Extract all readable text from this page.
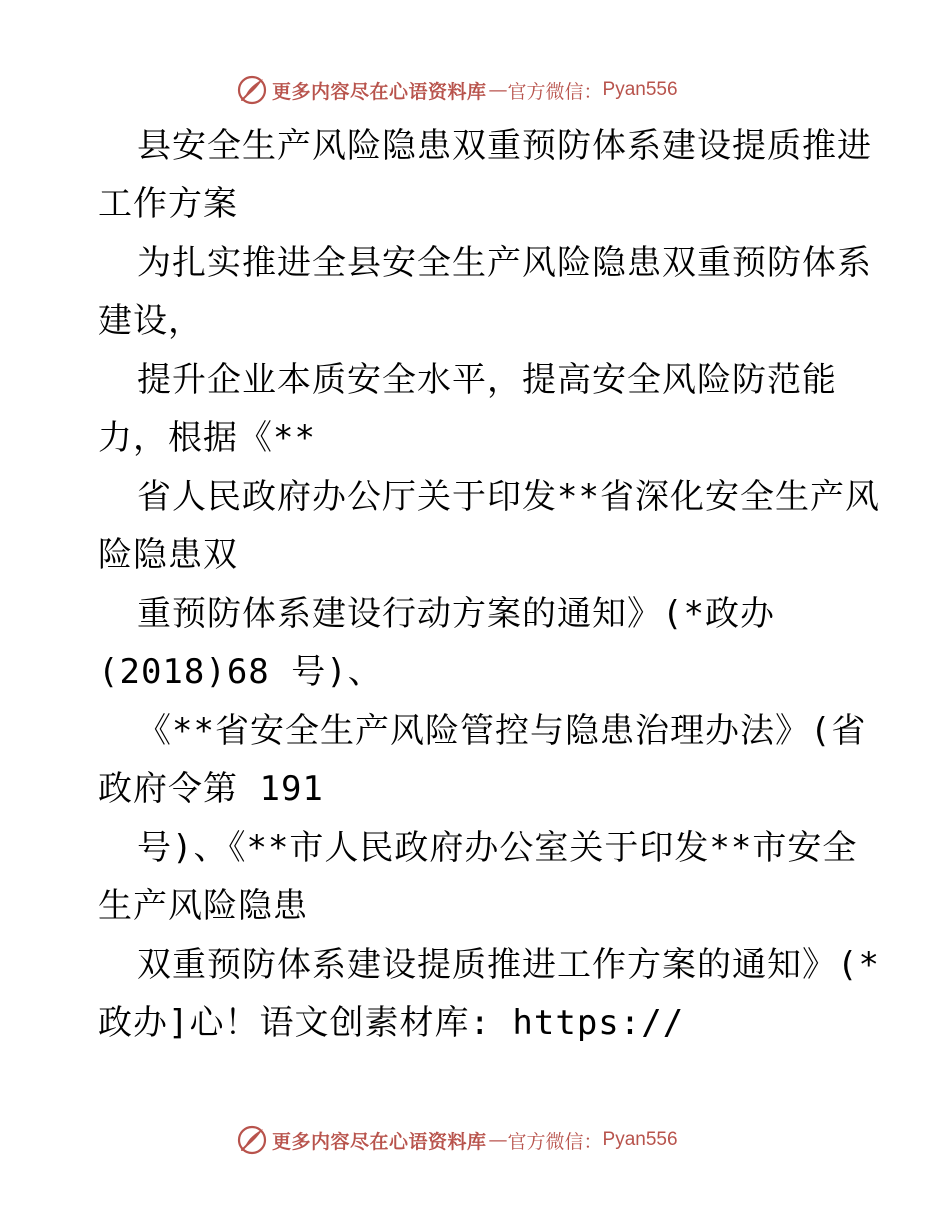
更多内容尽在心语资料库 — 官方微信： Pyan556
县安全生产风险隐患双重预防体系建设提质推进
工作方案
为扎实推进全县安全生产风险隐患双重预防体系
建设，
提升企业本质安全水平，提高安全风险防范能
力，根据《**
省人民政府办公厅关于印发**省深化安全生产风
险隐患双
重预防体系建设行动方案的通知》(*政办
(2018)68 号)、
《**省安全生产风险管控与隐患治理办法》(省
政府令第 191
号)、《**市人民政府办公室关于印发**市安全
生产风险隐患
双重预防体系建设提质推进工作方案的通知》(*
政办]心！语文创素材库: https://
更多内容尽在心语资料库 — 官方微信： Pyan556
